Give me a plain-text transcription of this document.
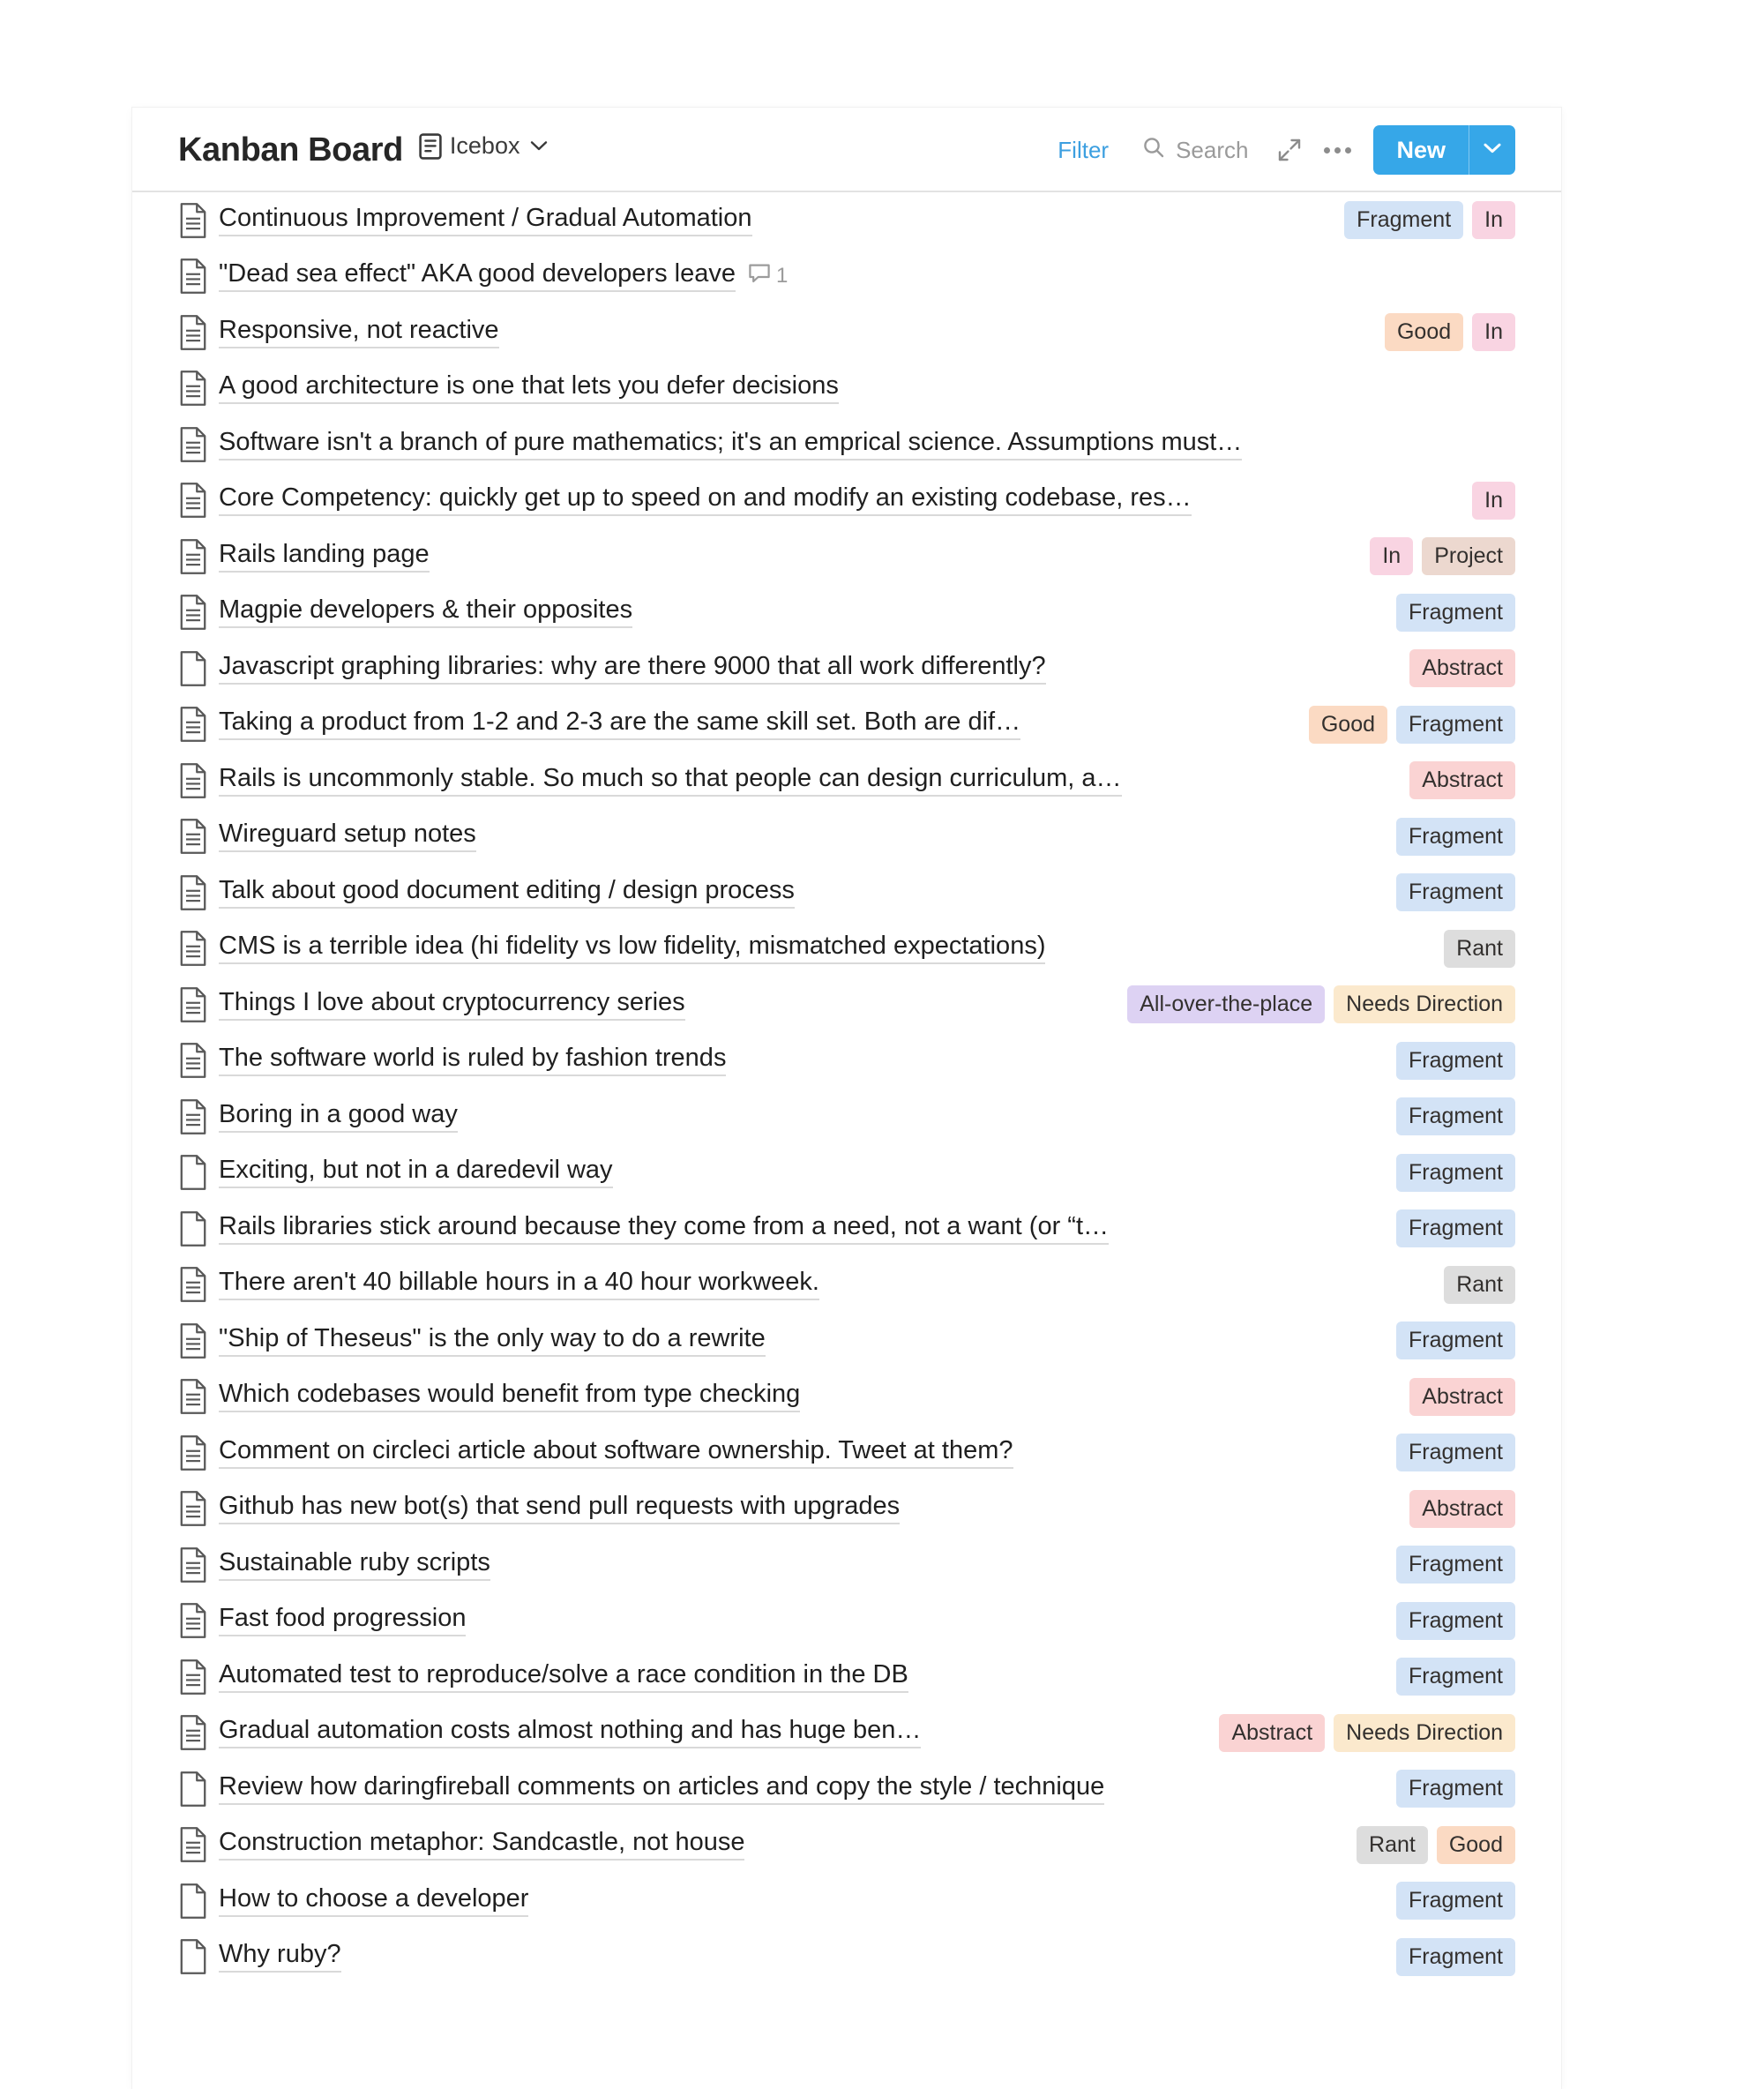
Kanban Board Icebox	Filter	Search	New
Continuous Improvement / Gradual Automation	Fragment	In
"Dead sea effect" AKA good developers leave 1
Responsive, not reactive	Good	In
A good architecture is one that lets you defer decisions
Software isn't a branch of pure mathematics; it's an emprical science. Assumptions must…
Core Competency: quickly get up to speed on and modify an existing codebase, res…	In
Rails landing page	In	Project
Magpie developers & their opposites	Fragment
Javascript graphing libraries: why are there 9000 that all work differently?	Abstract
Taking a product from 1-2 and 2-3 are the same skill set. Both are dif…	Good	Fragment
Rails is uncommonly stable. So much so that people can design curriculum, a…	Abstract
Wireguard setup notes	Fragment
Talk about good document editing / design process	Fragment
CMS is a terrible idea (hi fidelity vs low fidelity, mismatched expectations)	Rant
Things I love about cryptocurrency series	All-over-the-place	Needs Direction
The software world is ruled by fashion trends	Fragment
Boring in a good way	Fragment
Exciting, but not in a daredevil way	Fragment
Rails libraries stick around because they come from a need, not a want (or “t…	Fragment
There aren't 40 billable hours in a 40 hour workweek.	Rant
"Ship of Theseus" is the only way to do a rewrite	Fragment
Which codebases would benefit from type checking	Abstract
Comment on circleci article about software ownership. Tweet at them?	Fragment
Github has new bot(s) that send pull requests with upgrades	Abstract
Sustainable ruby scripts	Fragment
Fast food progression	Fragment
Automated test to reproduce/solve a race condition in the DB	Fragment
Gradual automation costs almost nothing and has huge ben…	Abstract	Needs Direction
Review how daringfireball comments on articles and copy the style / technique	Fragment
Construction metaphor: Sandcastle, not house	Rant	Good
How to choose a developer	Fragment
Why ruby?	Fragment
